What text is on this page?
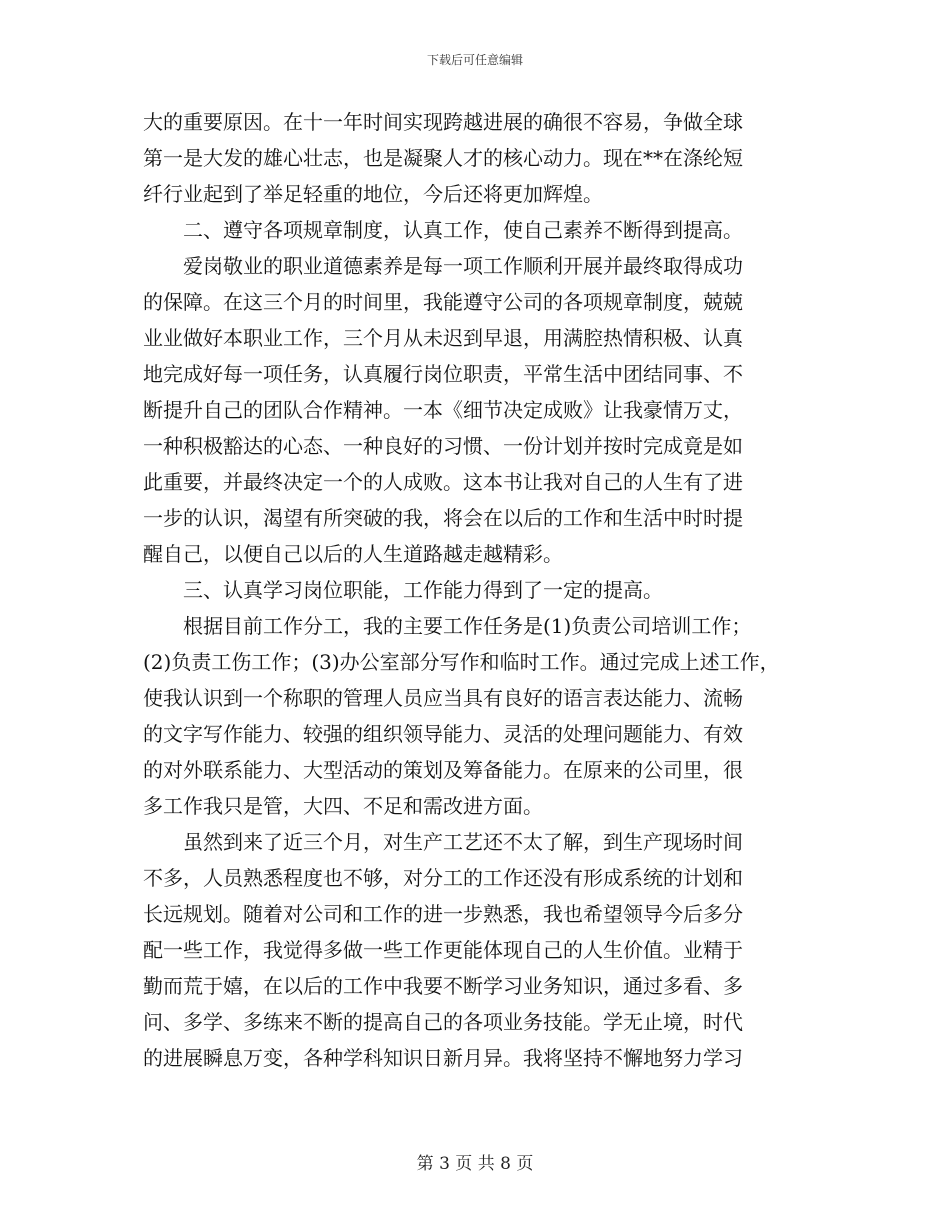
下载后可任意编辑
大的重要原因。在十一年时间实现跨越进展的确很不容易，争做全球
第一是大发的雄心壮志，也是凝聚人才的核心动力。现在**在涤纶短
纤行业起到了举足轻重的地位，今后还将更加辉煌。
二、遵守各项规章制度，认真工作，使自己素养不断得到提高。
爱岗敬业的职业道德素养是每一项工作顺利开展并最终取得成功
的保障。在这三个月的时间里，我能遵守公司的各项规章制度，兢兢
业业做好本职业工作，三个月从未迟到早退，用满腔热情积极、认真
地完成好每一项任务，认真履行岗位职责，平常生活中团结同事、不
断提升自己的团队合作精神。一本《细节决定成败》让我豪情万丈，
一种积极豁达的心态、一种良好的习惯、一份计划并按时完成竟是如
此重要，并最终决定一个的人成败。这本书让我对自己的人生有了进
一步的认识，渴望有所突破的我，将会在以后的工作和生活中时时提
醒自己，以便自己以后的人生道路越走越精彩。
三、认真学习岗位职能，工作能力得到了一定的提高。
根据目前工作分工，我的主要工作任务是(1)负责公司培训工作；
(2)负责工伤工作；(3)办公室部分写作和临时工作。通过完成上述工作，
使我认识到一个称职的管理人员应当具有良好的语言表达能力、流畅
的文字写作能力、较强的组织领导能力、灵活的处理问题能力、有效
的对外联系能力、大型活动的策划及筹备能力。在原来的公司里，很
多工作我只是管，大四、不足和需改进方面。
虽然到来了近三个月，对生产工艺还不太了解，到生产现场时间
不多，人员熟悉程度也不够，对分工的工作还没有形成系统的计划和
长远规划。随着对公司和工作的进一步熟悉，我也希望领导今后多分
配一些工作，我觉得多做一些工作更能体现自己的人生价值。业精于
勤而荒于嬉，在以后的工作中我要不断学习业务知识，通过多看、多
问、多学、多练来不断的提高自己的各项业务技能。学无止境，时代
的进展瞬息万变，各种学科知识日新月异。我将坚持不懈地努力学习
第 3 页 共 8 页
